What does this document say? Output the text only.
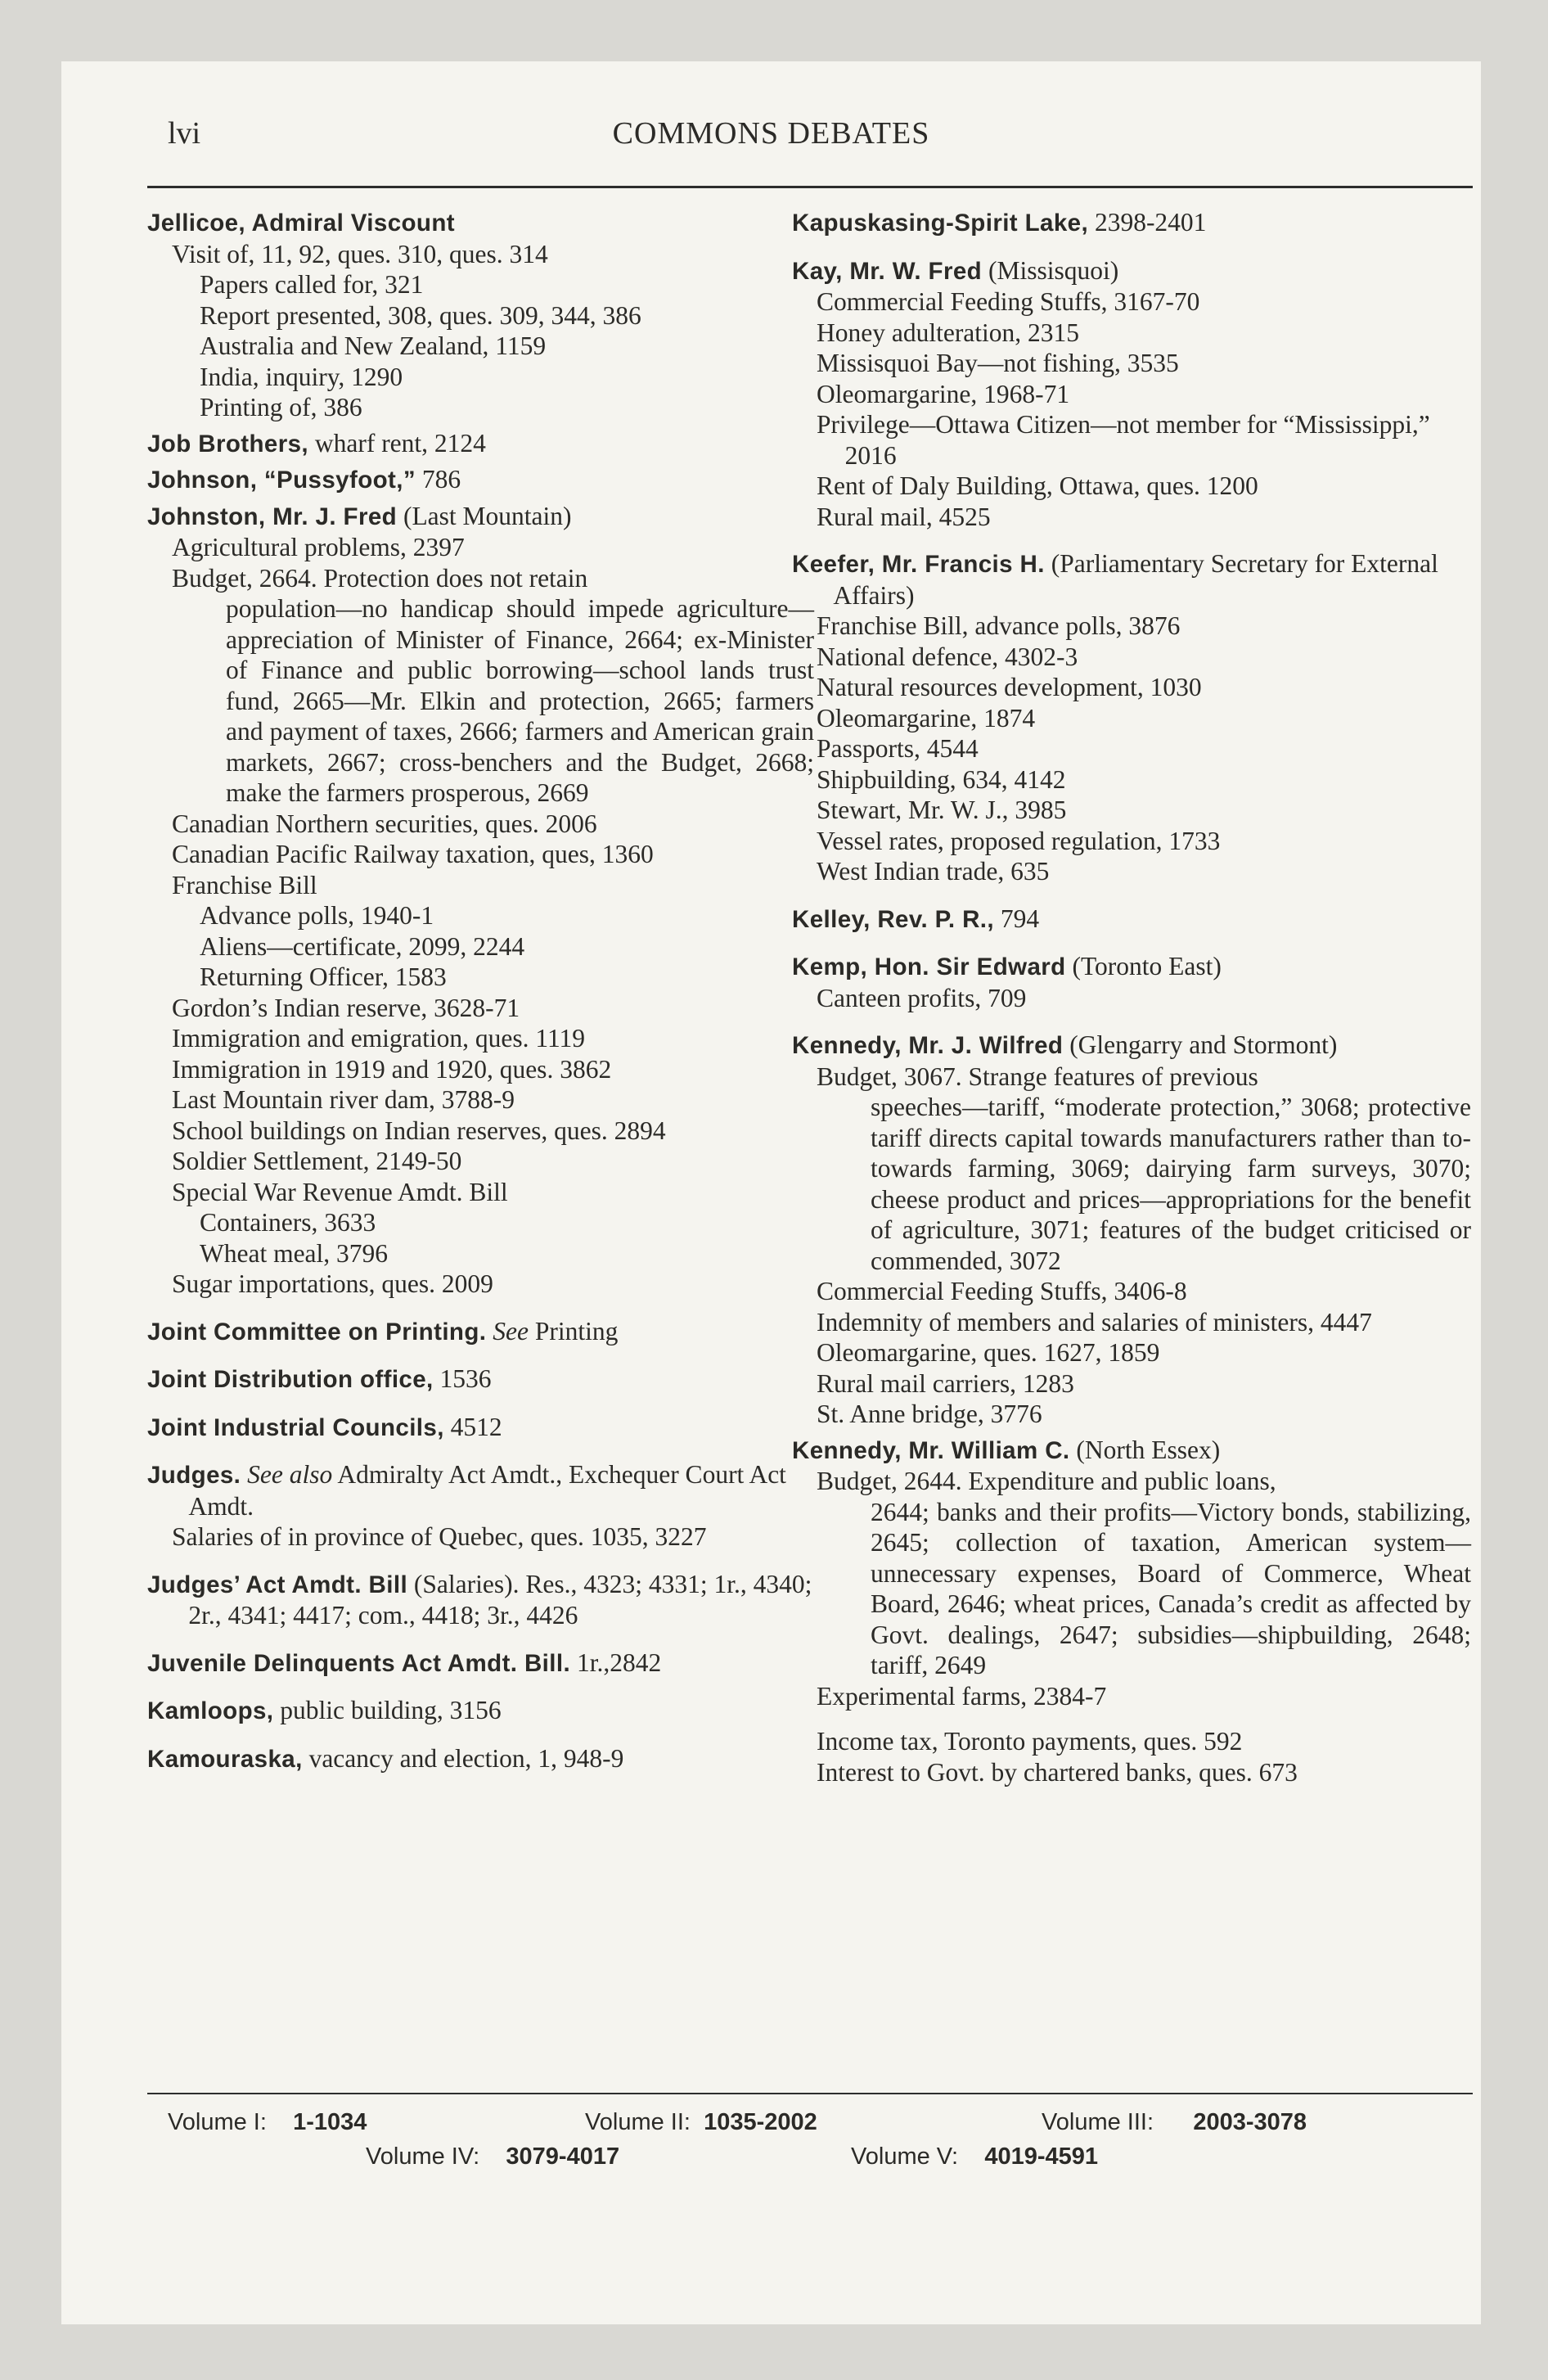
lvi	COMMONS DEBATES
Jellicoe, Admiral Viscount
Visit of, 11, 92, ques. 310, ques. 314
Papers called for, 321
Report presented, 308, ques. 309, 344, 386
Australia and New Zealand, 1159
India, inquiry, 1290
Printing of, 386
Job Brothers, wharf rent, 2124
Johnson, “Pussyfoot,” 786
Johnston, Mr. J. Fred (Last Mountain)
Agricultural problems, 2397
Budget, 2664. Protection does not retain
population—no handicap should impede agriculture—appreciation of Minister of Finance, 2664; ex-Minister of Finance and public borrowing—school lands trust fund, 2665—Mr. Elkin and protection, 2665; farmers and payment of taxes, 2666; farmers and American grain markets, 2667; cross-benchers and the Budget, 2668; make the farmers prosperous, 2669
Canadian Northern securities, ques. 2006
Canadian Pacific Railway taxation, ques, 1360
Franchise Bill
Advance polls, 1940-1
Aliens—certificate, 2099, 2244
Returning Officer, 1583
Gordon’s Indian reserve, 3628-71
Immigration and emigration, ques. 1119
Immigration in 1919 and 1920, ques. 3862
Last Mountain river dam, 3788-9
School buildings on Indian reserves, ques. 2894
Soldier Settlement, 2149-50
Special War Revenue Amdt. Bill
Containers, 3633
Wheat meal, 3796
Sugar importations, ques. 2009
Joint Committee on Printing. See Printing
Joint Distribution office, 1536
Joint Industrial Councils, 4512
Judges. See also Admiralty Act Amdt., Exchequer Court Act Amdt.
Salaries of in province of Quebec, ques. 1035, 3227
Judges’ Act Amdt. Bill (Salaries). Res., 4323; 4331; 1r., 4340; 2r., 4341; 4417; com., 4418; 3r., 4426
Juvenile Delinquents Act Amdt. Bill. 1r.,2842
Kamloops, public building, 3156
Kamouraska, vacancy and election, 1, 948-9
Kapuskasing-Spirit Lake, 2398-2401
Kay, Mr. W. Fred (Missisquoi)
Commercial Feeding Stuffs, 3167-70
Honey adulteration, 2315
Missisquoi Bay—not fishing, 3535
Oleomargarine, 1968-71
Privilege—Ottawa Citizen—not member for “Mississippi,” 2016
Rent of Daly Building, Ottawa, ques. 1200
Rural mail, 4525
Keefer, Mr. Francis H. (Parliamentary Secretary for External Affairs)
Franchise Bill, advance polls, 3876
National defence, 4302-3
Natural resources development, 1030
Oleomargarine, 1874
Passports, 4544
Shipbuilding, 634, 4142
Stewart, Mr. W. J., 3985
Vessel rates, proposed regulation, 1733
West Indian trade, 635
Kelley, Rev. P. R., 794
Kemp, Hon. Sir Edward (Toronto East)
Canteen profits, 709
Kennedy, Mr. J. Wilfred (Glengarry and Stormont)
Budget, 3067. Strange features of previous
speeches—tariff, “moderate protection,” 3068; protective tariff directs capital towards manufacturers rather than to-towards farming, 3069; dairying farm surveys, 3070; cheese product and prices—appropriations for the benefit of agriculture, 3071; features of the budget criticised or commended, 3072
Commercial Feeding Stuffs, 3406-8
Indemnity of members and salaries of ministers, 4447
Oleomargarine, ques. 1627, 1859
Rural mail carriers, 1283
St. Anne bridge, 3776
Kennedy, Mr. William C. (North Essex)
Budget, 2644. Expenditure and public loans,
2644; banks and their profits—Victory bonds, stabilizing, 2645; collection of taxation, American system—unnecessary expenses, Board of Commerce, Wheat Board, 2646; wheat prices, Canada’s credit as affected by Govt. dealings, 2647; subsidies—shipbuilding, 2648; tariff, 2649
Experimental farms, 2384-7
Income tax, Toronto payments, ques. 592
Interest to Govt. by chartered banks, ques. 673
Volume I: 1-1034	Volume II: 1035-2002	Volume III: 2003-3078
Volume IV: 3079-4017	Volume V: 4019-4591
